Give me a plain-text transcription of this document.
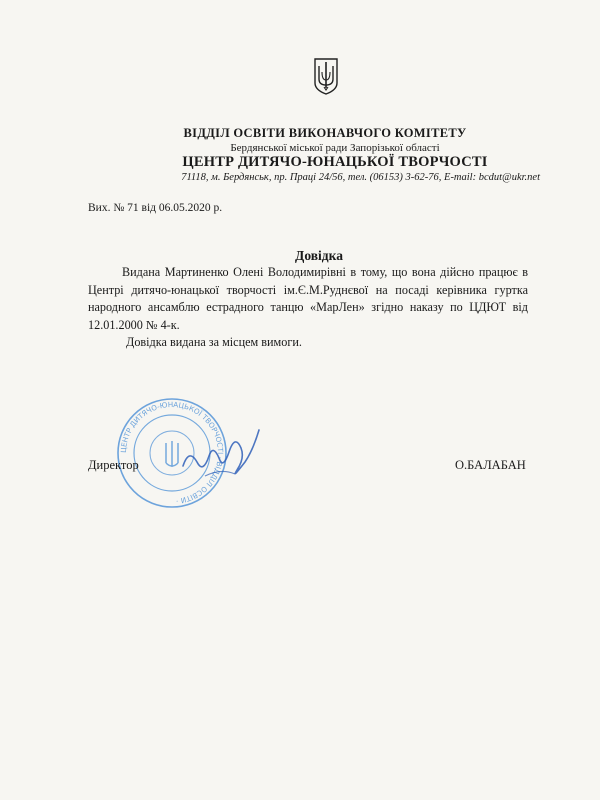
ВІДДІЛ ОСВІТИ ВИКОНАВЧОГО КОМІТЕТУ
Бердянської міської ради Запорізької області
ЦЕНТР ДИТЯЧО-ЮНАЦЬКОЇ ТВОРЧОСТІ
71118, м. Бердянськ, пр. Праці 24/56, тел. (06153) 3-62-76, E-mail: bcdut@ukr.net
Вих. № 71 від 06.05.2020 р.
Довідка

Видана Мартиненко Олені Володимирівні в тому, що вона дійсно працює в Центрі дитячо-юнацької творчості ім.Є.М.Руднєвої на посаді керівника гуртка народного ансамблю естрадного танцю «МарЛен» згідно наказу по ЦДЮТ від 12.01.2000 № 4-к.

Довідка видана за місцем вимоги.
ЦЕНТР ДИТЯЧО-ЮНАЦЬКОЇ ТВОРЧОСТІ · ВІДДІЛ ОСВІТИ ·
Директор	О.БАЛАБАН
